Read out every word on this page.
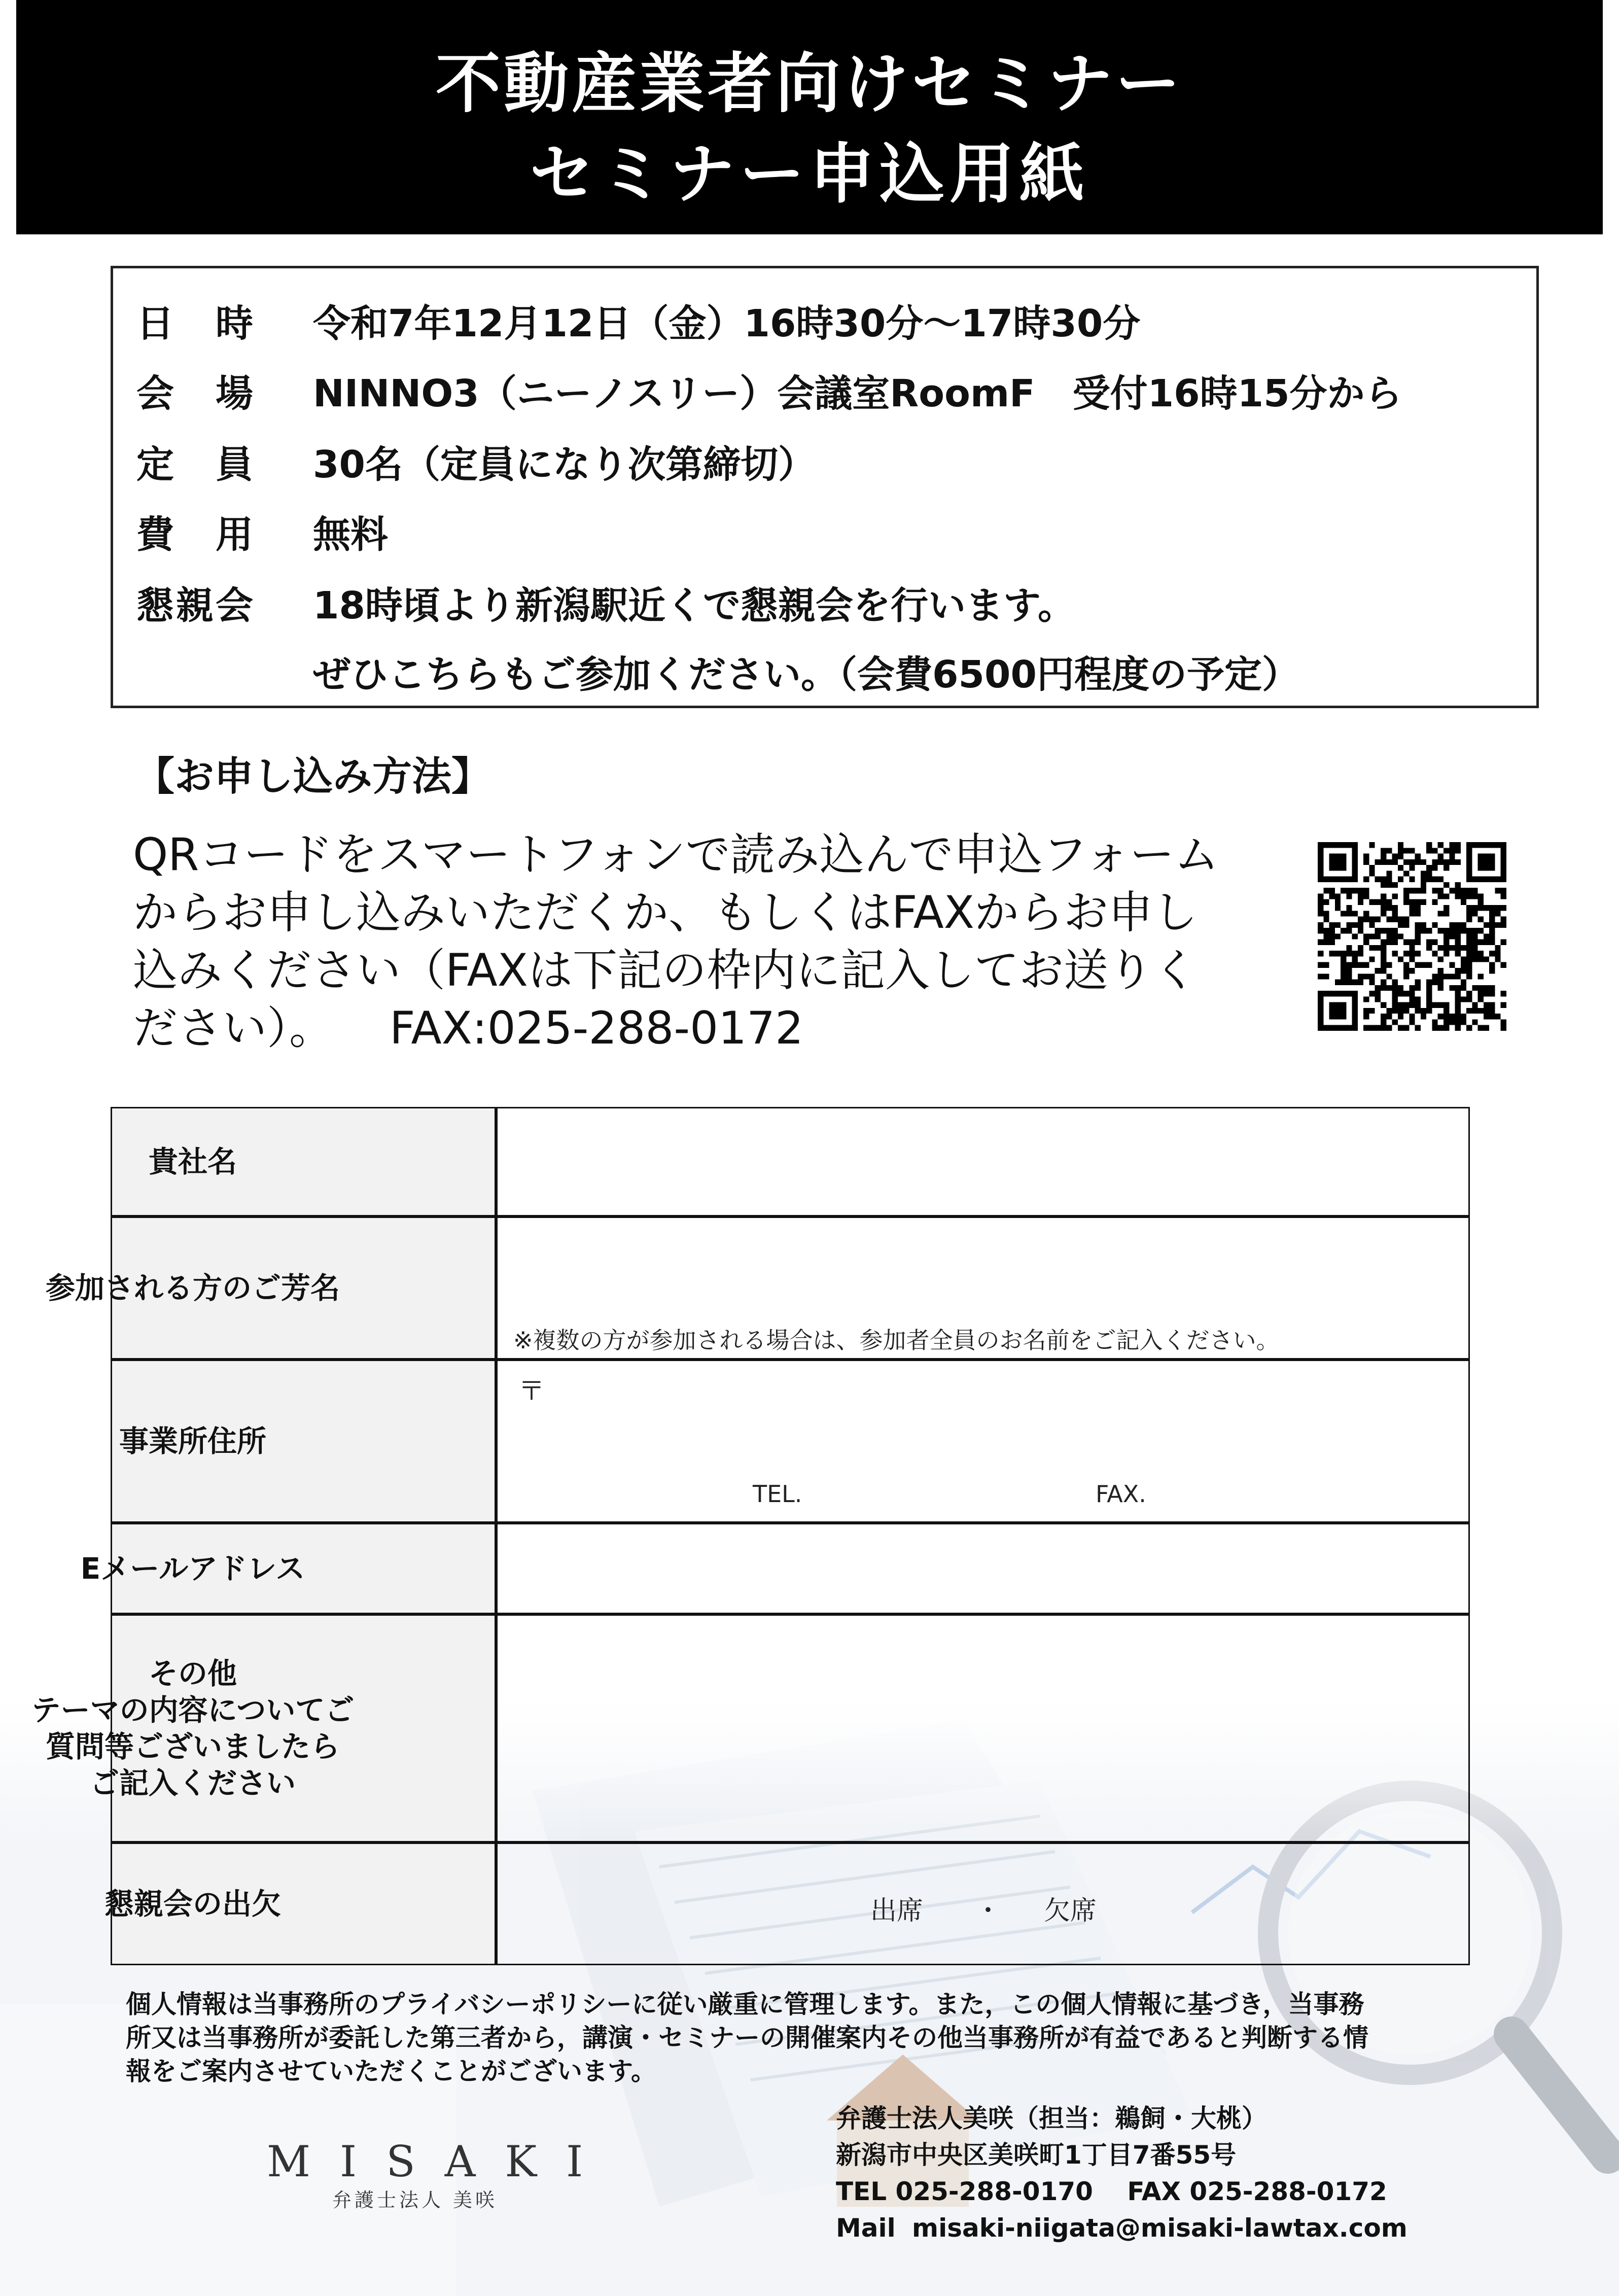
不動産業者向けセミナー
セミナー申込用紙
日　時 令和7年12月12日（金）16時30分～17時30分
会　場 NINNO3（ニーノスリー）会議室RoomF　受付16時15分から
定　員 30名（定員になり次第締切）
費　用 無料
懇親会 18時頃より新潟駅近くで懇親会を行います。
ぜひこちらもご参加ください。（会費6500円程度の予定）
【お申し込み方法】
QRコードをスマートフォンで読み込んで申込フォーム
からお申し込みいただくか、もしくはFAXからお申し
込みください（FAXは下記の枠内に記入してお送りく
ださい）。 FAX:025-288-0172
貴社名
参加される方のご芳名
事業所住所
Eメールアドレス
その他
テーマの内容についてご
質問等ございましたら
ご記入ください
懇親会の出欠
※複数の方が参加される場合は、参加者全員のお名前をご記入ください。
〒
TEL.	FAX.
出席 ・ 欠席
個人情報は当事務所のプライバシーポリシーに従い厳重に管理します。また，この個人情報に基づき，当事務
所又は当事務所が委託した第三者から，講演・セミナーの開催案内その他当事務所が有益であると判断する情
報をご案内させていただくことがございます。
MISAKI
弁護士法人 美咲
弁護士法人美咲（担当：鵜飼・大桃）
新潟市中央区美咲町1丁目7番55号
TEL 025-288-0170　 FAX 025-288-0172
Mail misaki-niigata@misaki-lawtax.com
